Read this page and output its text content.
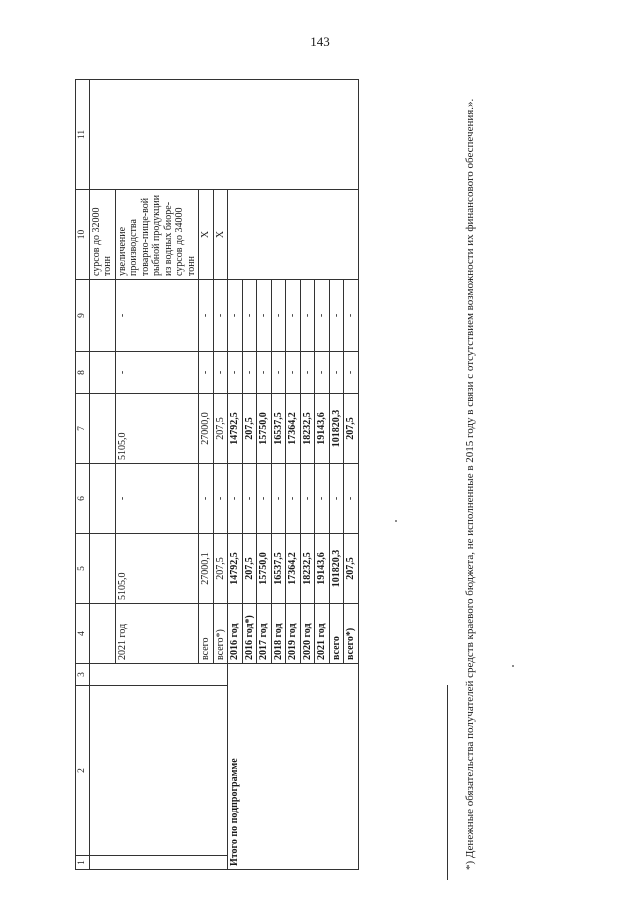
143
1	2	3	4	5	6	7	8	9	10	11
									сурсов до 32000 тонн	
			2021 год	5105,0	-	5105,0	-	-	увеличение производства товарно-пище-вой рыбной продукции из водных биоре-сурсов до 34000 тонн	
			всего	27000,1	-	27000,0	-	-	X	
			всего*)	207,5	-	207,5	-	-	X	
Итого по подпрограмме			2016 год	14792,5	-	14792,5	-	-		
			2016 год*)	207,5	-	207,5	-	-		
			2017 год	15750,0	-	15750,0	-	-		
			2018 год	16537,5	-	16537,5	-	-		
			2019 год	17364,2	-	17364,2	-	-		
			2020 год	18232,5	-	18232,5	-	-		
			2021 год	19143,6	-	19143,6	-	-		
			всего	101820,3	-	101820,3	-	-		
			всего*)	207,5	-	207,5	-	-			*) Денежные обязательства получателей средств краевого бюджета, не исполненные в 2015 году в связи с отсутствием возможности их финансового обеспечения.».
